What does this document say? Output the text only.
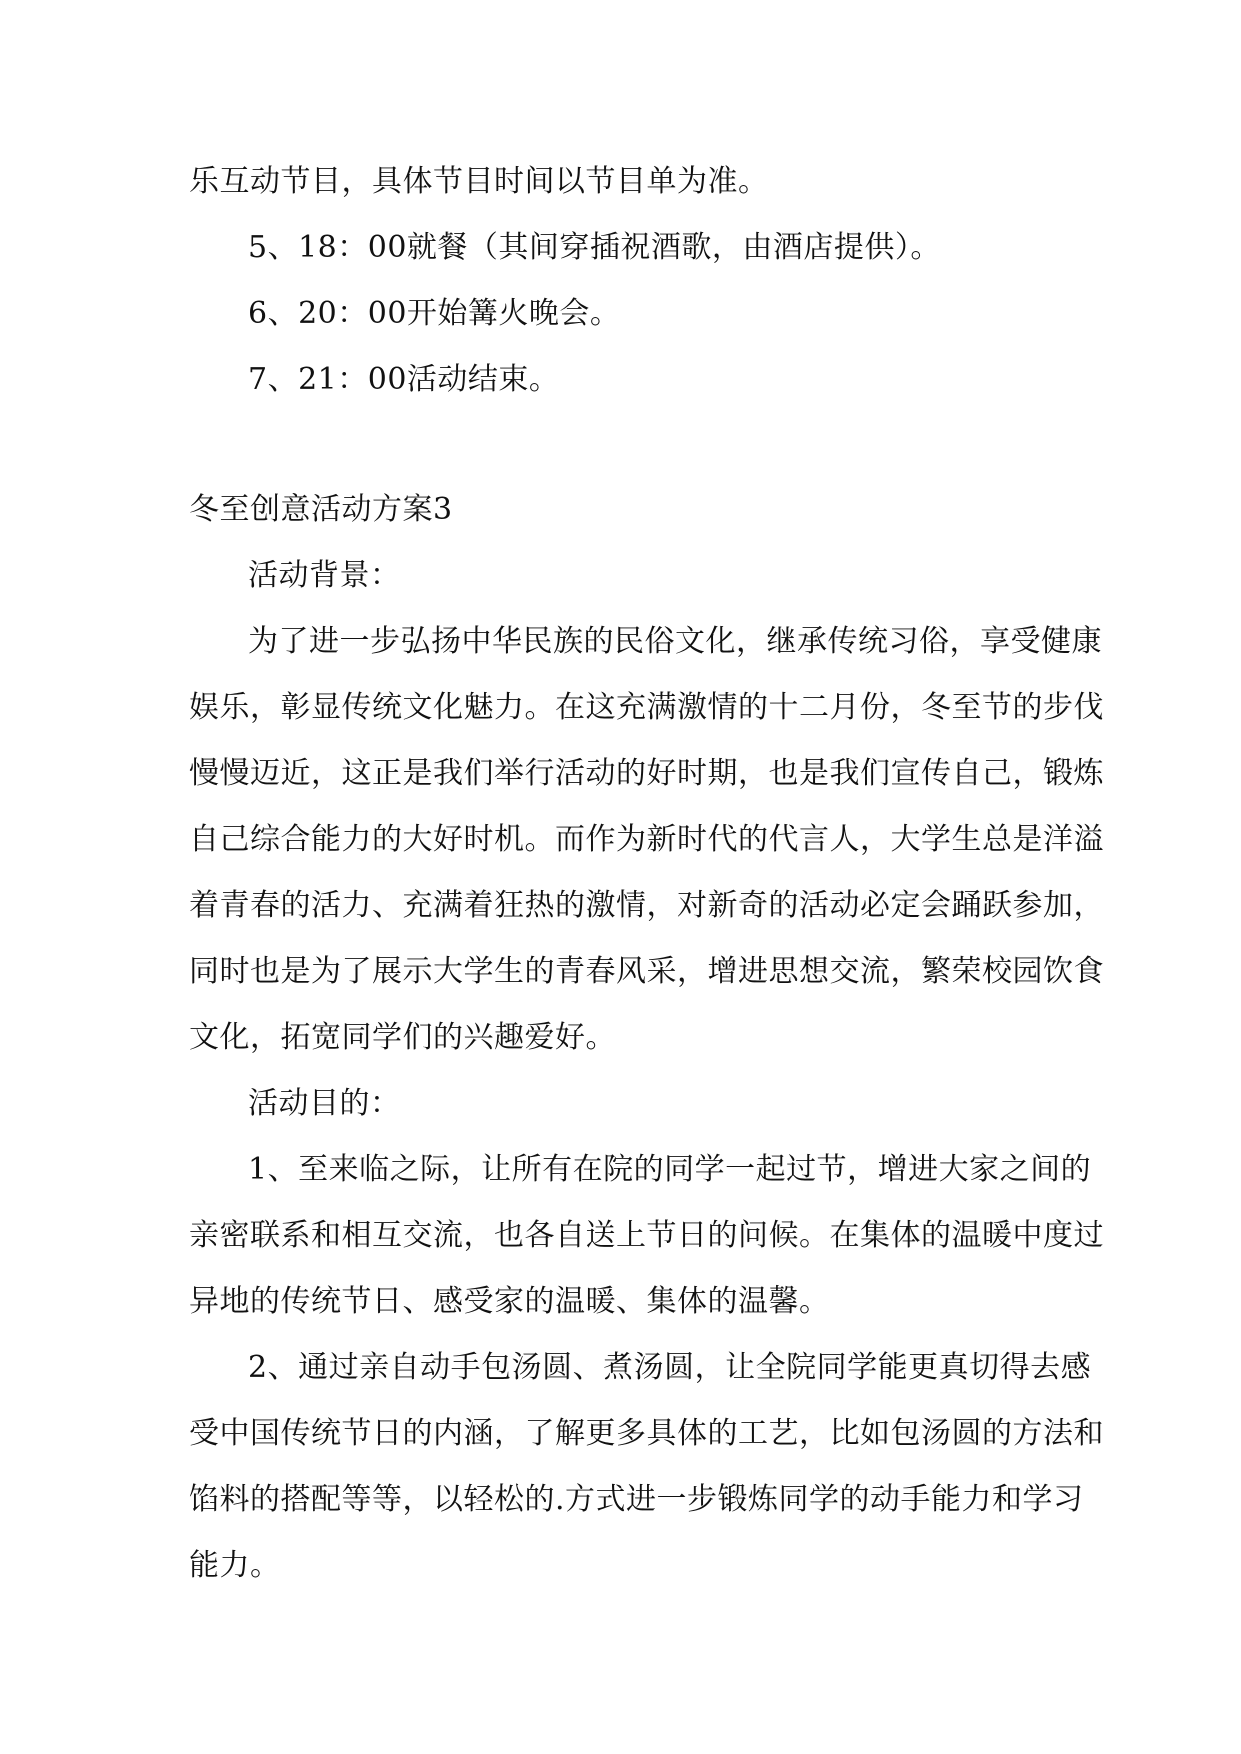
乐互动节目，具体节目时间以节目单为准。
5、18：00就餐（其间穿插祝酒歌，由酒店提供）。
6、20：00开始篝火晚会。
7、21：00活动结束。
冬至创意活动方案3
活动背景：
为了进一步弘扬中华民族的民俗文化，继承传统习俗，享受健康
娱乐，彰显传统文化魅力。在这充满激情的十二月份，冬至节的步伐
慢慢迈近，这正是我们举行活动的好时期，也是我们宣传自己，锻炼
自己综合能力的大好时机。而作为新时代的代言人，大学生总是洋溢
着青春的活力、充满着狂热的激情，对新奇的活动必定会踊跃参加，
同时也是为了展示大学生的青春风采，增进思想交流，繁荣校园饮食
文化，拓宽同学们的兴趣爱好。
活动目的：
1、至来临之际，让所有在院的同学一起过节，增进大家之间的
亲密联系和相互交流，也各自送上节日的问候。在集体的温暖中度过
异地的传统节日、感受家的温暖、集体的温馨。
2、通过亲自动手包汤圆、煮汤圆，让全院同学能更真切得去感
受中国传统节日的内涵，了解更多具体的工艺，比如包汤圆的方法和
馅料的搭配等等，以轻松的.方式进一步锻炼同学的动手能力和学习
能力。
